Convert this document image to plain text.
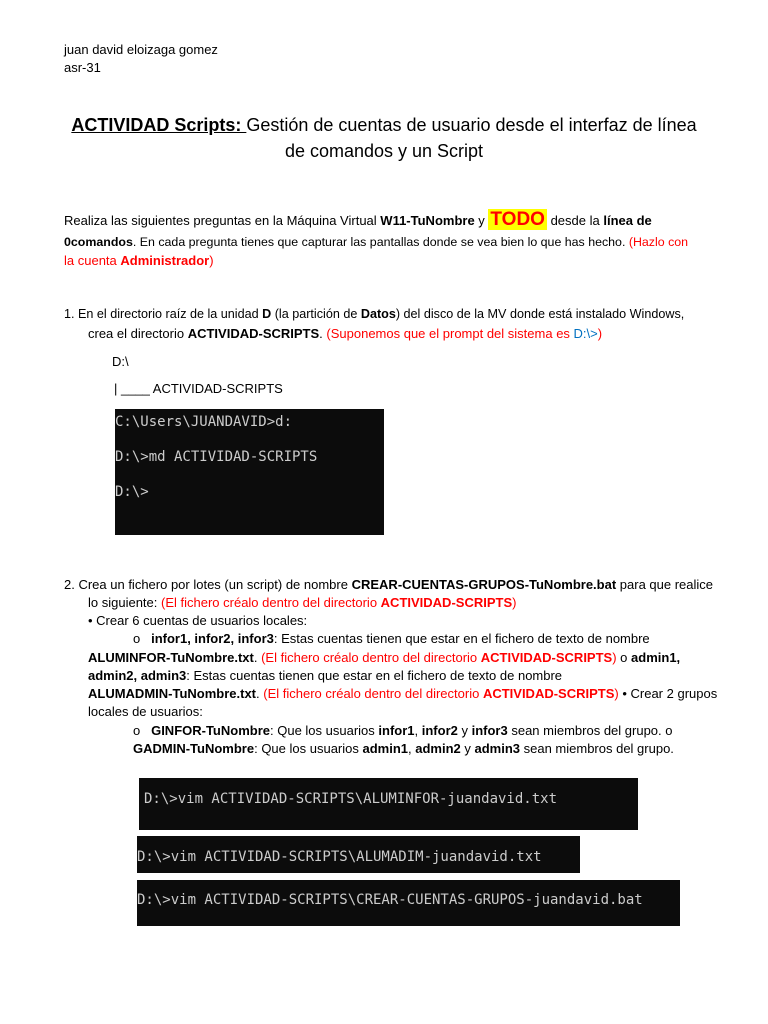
juan david eloizaga gomez
asr-31
ACTIVIDAD Scripts: Gestión de cuentas de usuario desde el interfaz de línea
de comandos y un Script
Realiza las siguientes preguntas en la Máquina Virtual W11-TuNombre y TODO desde la línea de
0comandos. En cada pregunta tienes que capturar las pantallas donde se vea bien lo que has hecho. (Hazlo con
la cuenta Administrador)
1. En el directorio raíz de la unidad D (la partición de Datos) del disco de la MV donde está instalado Windows,
crea el directorio ACTIVIDAD-SCRIPTS. (Suponemos que el prompt del sistema es D:\>)
D:\
| ____ ACTIVIDAD-SCRIPTS
C:\Users\JUANDAVID>d:
D:\>md ACTIVIDAD-SCRIPTS
D:\>
2. Crea un fichero por lotes (un script) de nombre CREAR-CUENTAS-GRUPOS-TuNombre.bat para que realice
lo siguiente: (El fichero créalo dentro del directorio ACTIVIDAD-SCRIPTS)
• Crear 6 cuentas de usuarios locales:
o infor1, infor2, infor3: Estas cuentas tienen que estar en el fichero de texto de nombre
ALUMINFOR-TuNombre.txt. (El fichero créalo dentro del directorio ACTIVIDAD-SCRIPTS) o admin1,
admin2, admin3: Estas cuentas tienen que estar en el fichero de texto de nombre
ALUMADMIN-TuNombre.txt. (El fichero créalo dentro del directorio ACTIVIDAD-SCRIPTS) • Crear 2 grupos
locales de usuarios:
o GINFOR-TuNombre: Que los usuarios infor1, infor2 y infor3 sean miembros del grupo. o
GADMIN-TuNombre: Que los usuarios admin1, admin2 y admin3 sean miembros del grupo.
D:\>vim ACTIVIDAD-SCRIPTS\ALUMINFOR-juandavid.txt
D:\>vim ACTIVIDAD-SCRIPTS\ALUMADIM-juandavid.txt
D:\>vim ACTIVIDAD-SCRIPTS\CREAR-CUENTAS-GRUPOS-juandavid.bat
